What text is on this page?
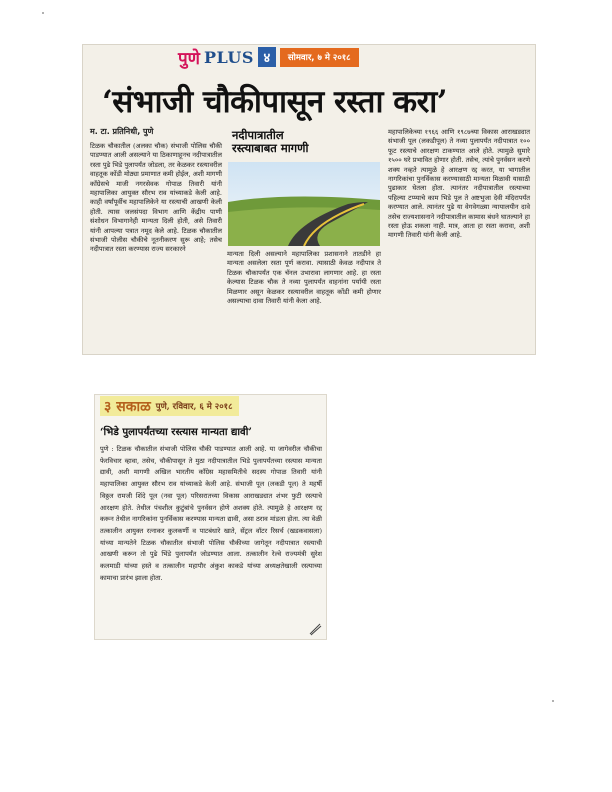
पुणे PLUS ४	सोमवार, ७ मे २०१८
‘संभाजी चौकीपासून रस्ता करा’
म. टा. प्रतिनिधी, पुणे
टिळक चौकातील (अलका चौक) संभाजी पोलिस चौकी पाडण्यात आली असल्याने या ठिकाणाहूनच नदीपात्रातील रस्ता पुढे भिडे पुलापर्यंत जोडला, तर केळकर रस्त्यावरील वाहतूक कोंडी मोठ्या प्रमाणात कमी होईल, अशी मागणी काँग्रेसचे माजी नगरसेवक गोपाळ तिवारी यांनी महापालिका आयुक्त सौरभ राव यांच्याकडे केली आहे. काही वर्षांपूर्वीच महापालिकेने या रस्त्याची आखणी केली होती. त्यास जलसंपदा विभाग आणि केंद्रीय पाणी संशोधन विभागानेही मान्यता दिली होती, असे तिवारी यांनी आपल्या पत्रात नमूद केले आहे. टिळक चौकातील संभाजी पोलीस चौकीचे नूतनीकरण सुरू आहे; तसेच नदीपात्रात रस्ता करण्यास राज्य सरकारने
नदीपात्रातील
रस्त्याबाबत मागणी
मान्यता दिली असल्याने महापालिका प्रशासनाने तातडीने हा मान्यता असलेला रस्ता पूर्ण करावा. त्यासाठी केवळ नदीपात्र ते टिळक चौकापर्यंत एक चॅनल उभारावा लागणार आहे. हा रस्ता केल्यास टिळक चौक ते नव्या पुलापर्यंत वाहनांना पर्यायी रस्ता मिळणार असून केळकर रस्त्यावरील वाहतूक कोंडी कमी होणार असल्याचा दावा तिवारी यांनी केला आहे.
महापालिकेच्या १९६६ आणि १९८७च्या विकास आराखड्यात संभाजी पूल (लकडीपूल) ते नव्या पुलापर्यंत नदीपात्रात १०० फूट रस्त्याचे आरक्षण टाकण्यात आले होते. त्यामुळे सुमारे १५०० घरे प्रभावित होणार होती. तसेच, त्यांचे पुनर्वसन करणे शक्य नव्हते त्यामुळे हे आरक्षण रद्द करत, या भागातील नागरिकांचा पुनर्विकास करण्यासाठी मान्यता मिळावी यासाठी पुढाकार घेतला होता. त्यानंतर नदीपात्रातील रस्त्याच्या पहिल्या टप्प्याचे काम भिडे पूल ते अष्टभुजा देवी मंदिरापर्यंत करण्यात आले. त्यानंतर पुढे या वेगवेगळ्या न्यायालयीन दावे तसेच राज्यशासनाने नदीपात्रातील कामास बंधने घातल्याने हा रस्ता होऊ शकला नाही. मात्र, आता हा रस्ता करावा, अशी मागणी तिवारी यांनी केली आहे.
३ सकाळ पुणे, रविवार, ६ मे २०१८
‘भिडे पुलापर्यंतच्या रस्त्यास मान्यता द्यावी’
पुणे : टिळक चौकातील संभाजी पोलिस चौकी पाडण्यात आली आहे. या जागेवरील चौकीचा फेरविचार व्हावा, तसेच, चौकीपासून ते मुठा नदीपात्रातील भिडे पुलापर्यंतच्या रस्त्यास मान्यता द्यावी, अशी मागणी अखिल भारतीय काँग्रेस महासमितीचे सदस्य गोपाळ तिवारी यांनी महापालिका आयुक्त सौरभ राव यांच्याकडे केली आहे. संभाजी पूल (लकडी पूल) ते महर्षी विठ्ठल रामजी शिंदे पूल (नवा पूल) परिसरातच्या विकास आराखड्यात शंभर फुटी रस्त्याचे आरक्षण होते. तेथील पंचशील कुटुंबांचे पुनर्वसन होणे अशक्य होते. त्यामुळे हे आरक्षण रद्द करून तेथील नागरिकांना पुनर्विकास करण्यास मान्यता द्यावी, असा ठराव मांडला होता. त्या वेळी तत्कालीन आयुक्त रत्नाकर कुलकर्णी व पाटबंधारे खाते, सेंट्रल वॉटर रिसर्च (खडकवासला) यांच्या मान्यतेने टिळक चौकातील संभाजी पोलिस चौकीच्या जागेतून नदीपात्रात रस्त्याची आखणी करून तो पुढे भिंडे पुलापर्यंत जोडण्यात आला. तत्कालीन रेल्वे राज्यमंत्री सुरेश कलमाडी यांच्या हस्ते व तत्कालीन महापौर अंकुश काकडे यांच्या अध्यक्षतेखाली रस्त्याच्या कामाचा प्रारंभ झाला होता.
